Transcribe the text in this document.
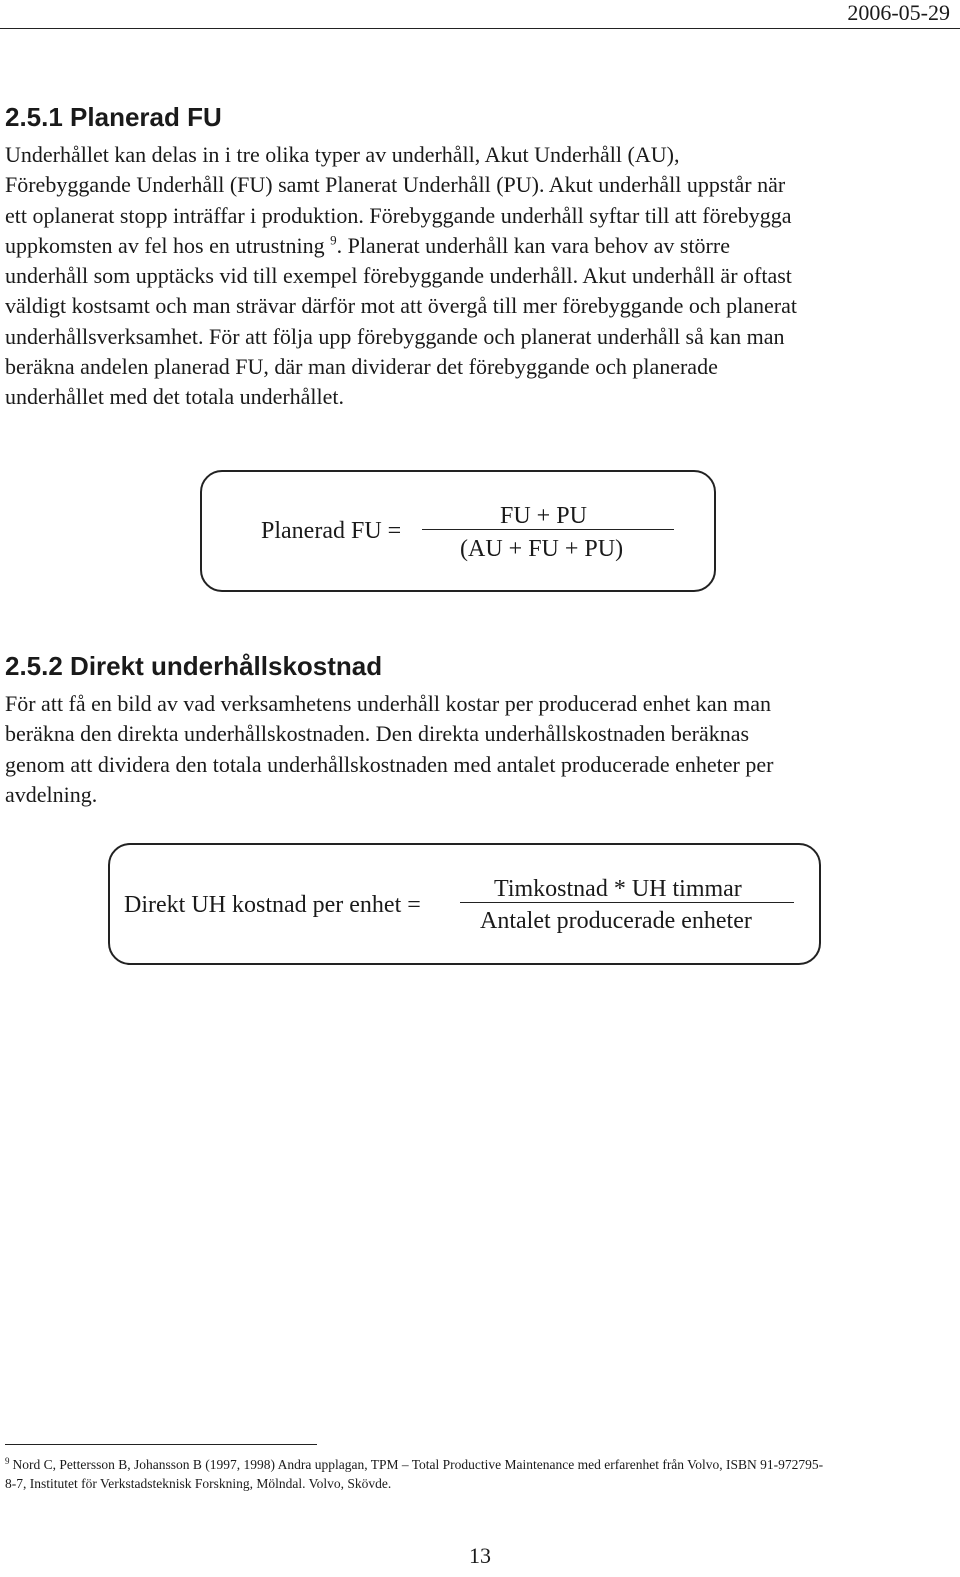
2006-05-29
2.5.1 Planerad FU
Underhållet kan delas in i tre olika typer av underhåll, Akut Underhåll (AU),
Förebyggande Underhåll (FU) samt Planerat Underhåll (PU). Akut underhåll uppstår när
ett oplanerat stopp inträffar i produktion. Förebyggande underhåll syftar till att förebygga
uppkomsten av fel hos en utrustning $^9$. Planerat underhåll kan vara behov av större
underhåll som upptäcks vid till exempel förebyggande underhåll. Akut underhåll är oftast
väldigt kostsamt och man strävar därför mot att övergå till mer förebyggande och planerat
underhållsverksamhet. För att följa upp förebyggande och planerat underhåll så kan man
beräkna andelen planerad FU, där man dividerar det förebyggande och planerade
underhållet med det totala underhållet.
Planerad FU =
FU + PU
(AU + FU + PU)
2.5.2 Direkt underhållskostnad
För att få en bild av vad verksamhetens underhåll kostar per producerad enhet kan man
beräkna den direkta underhållskostnaden. Den direkta underhållskostnaden beräknas
genom att dividera den totala underhållskostnaden med antalet producerade enheter per
avdelning.
Direkt UH kostnad per enhet =
Timkostnad * UH timmar
Antalet producerade enheter
$^9$ Nord C, Pettersson B, Johansson B (1997, 1998) Andra upplagan, TPM – Total Productive Maintenance med erfarenhet från Volvo, ISBN 91-972795-
8-7, Institutet för Verkstadsteknisk Forskning, Mölndal. Volvo, Skövde.
13
